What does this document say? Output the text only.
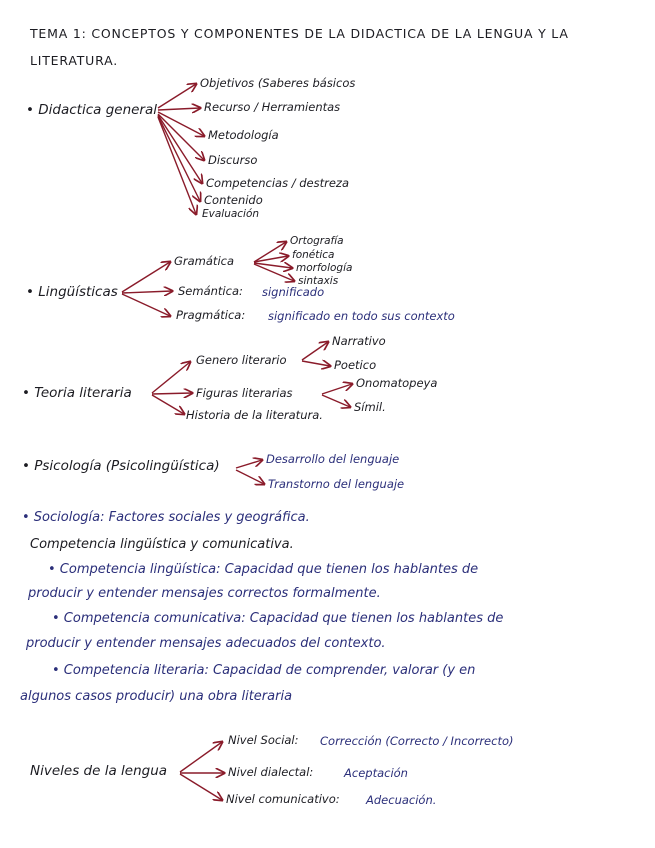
TEMA 1: CONCEPTOS Y COMPONENTES DE LA DIDACTICA DE LA LENGUA Y LA
LITERATURA.
• Didactica general
Objetivos (Saberes básicos
Recurso / Herramientas
Metodología
Discurso
Competencias / destreza
Contenido
Evaluación
• Lingüísticas
Gramática
Ortografía
fonética
morfología
sintaxis
Semántica: significado
Pragmática: significado en todo sus contexto
• Teoria literaria
Genero literario
Narrativo
Poetico
Figuras literarias
Onomatopeya
Símil.
Historia de la literatura.
• Psicología (Psicolingüística)	Desarrollo del lenguaje
Transtorno del lenguaje
• Sociología: Factores sociales y geográfica.
Competencia lingüística y comunicativa.
• Competencia lingüística: Capacidad que tienen los hablantes de
producir y entender mensajes correctos formalmente.
• Competencia comunicativa: Capacidad que tienen los hablantes de
producir y entender mensajes adecuados del contexto.
• Competencia literaria: Capacidad de comprender, valorar (y en
algunos casos producir) una obra literaria
Niveles de la lengua
Nivel Social: Corrección (Correcto / Incorrecto)
Nivel dialectal:	Aceptación
Nivel comunicativo: Adecuación.
